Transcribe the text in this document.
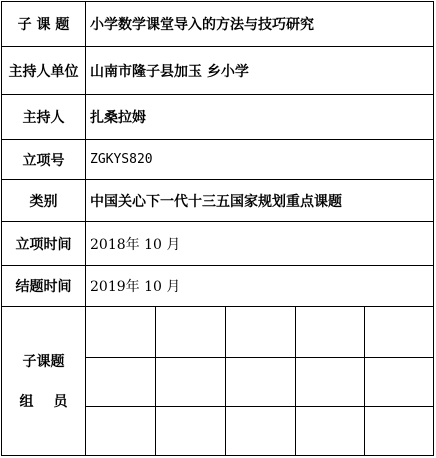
子 课 题	小学数学课堂导入的方法与技巧研究
主持人单位 山南市隆子县加玉 乡小学
主持人	扎桑拉姆
立项号	ZGKYS820
类别	中国关心下一代十三五国家规划重点课题
立项时间	2018年 10 月
结题时间	2019年 10 月
子课题
组员
